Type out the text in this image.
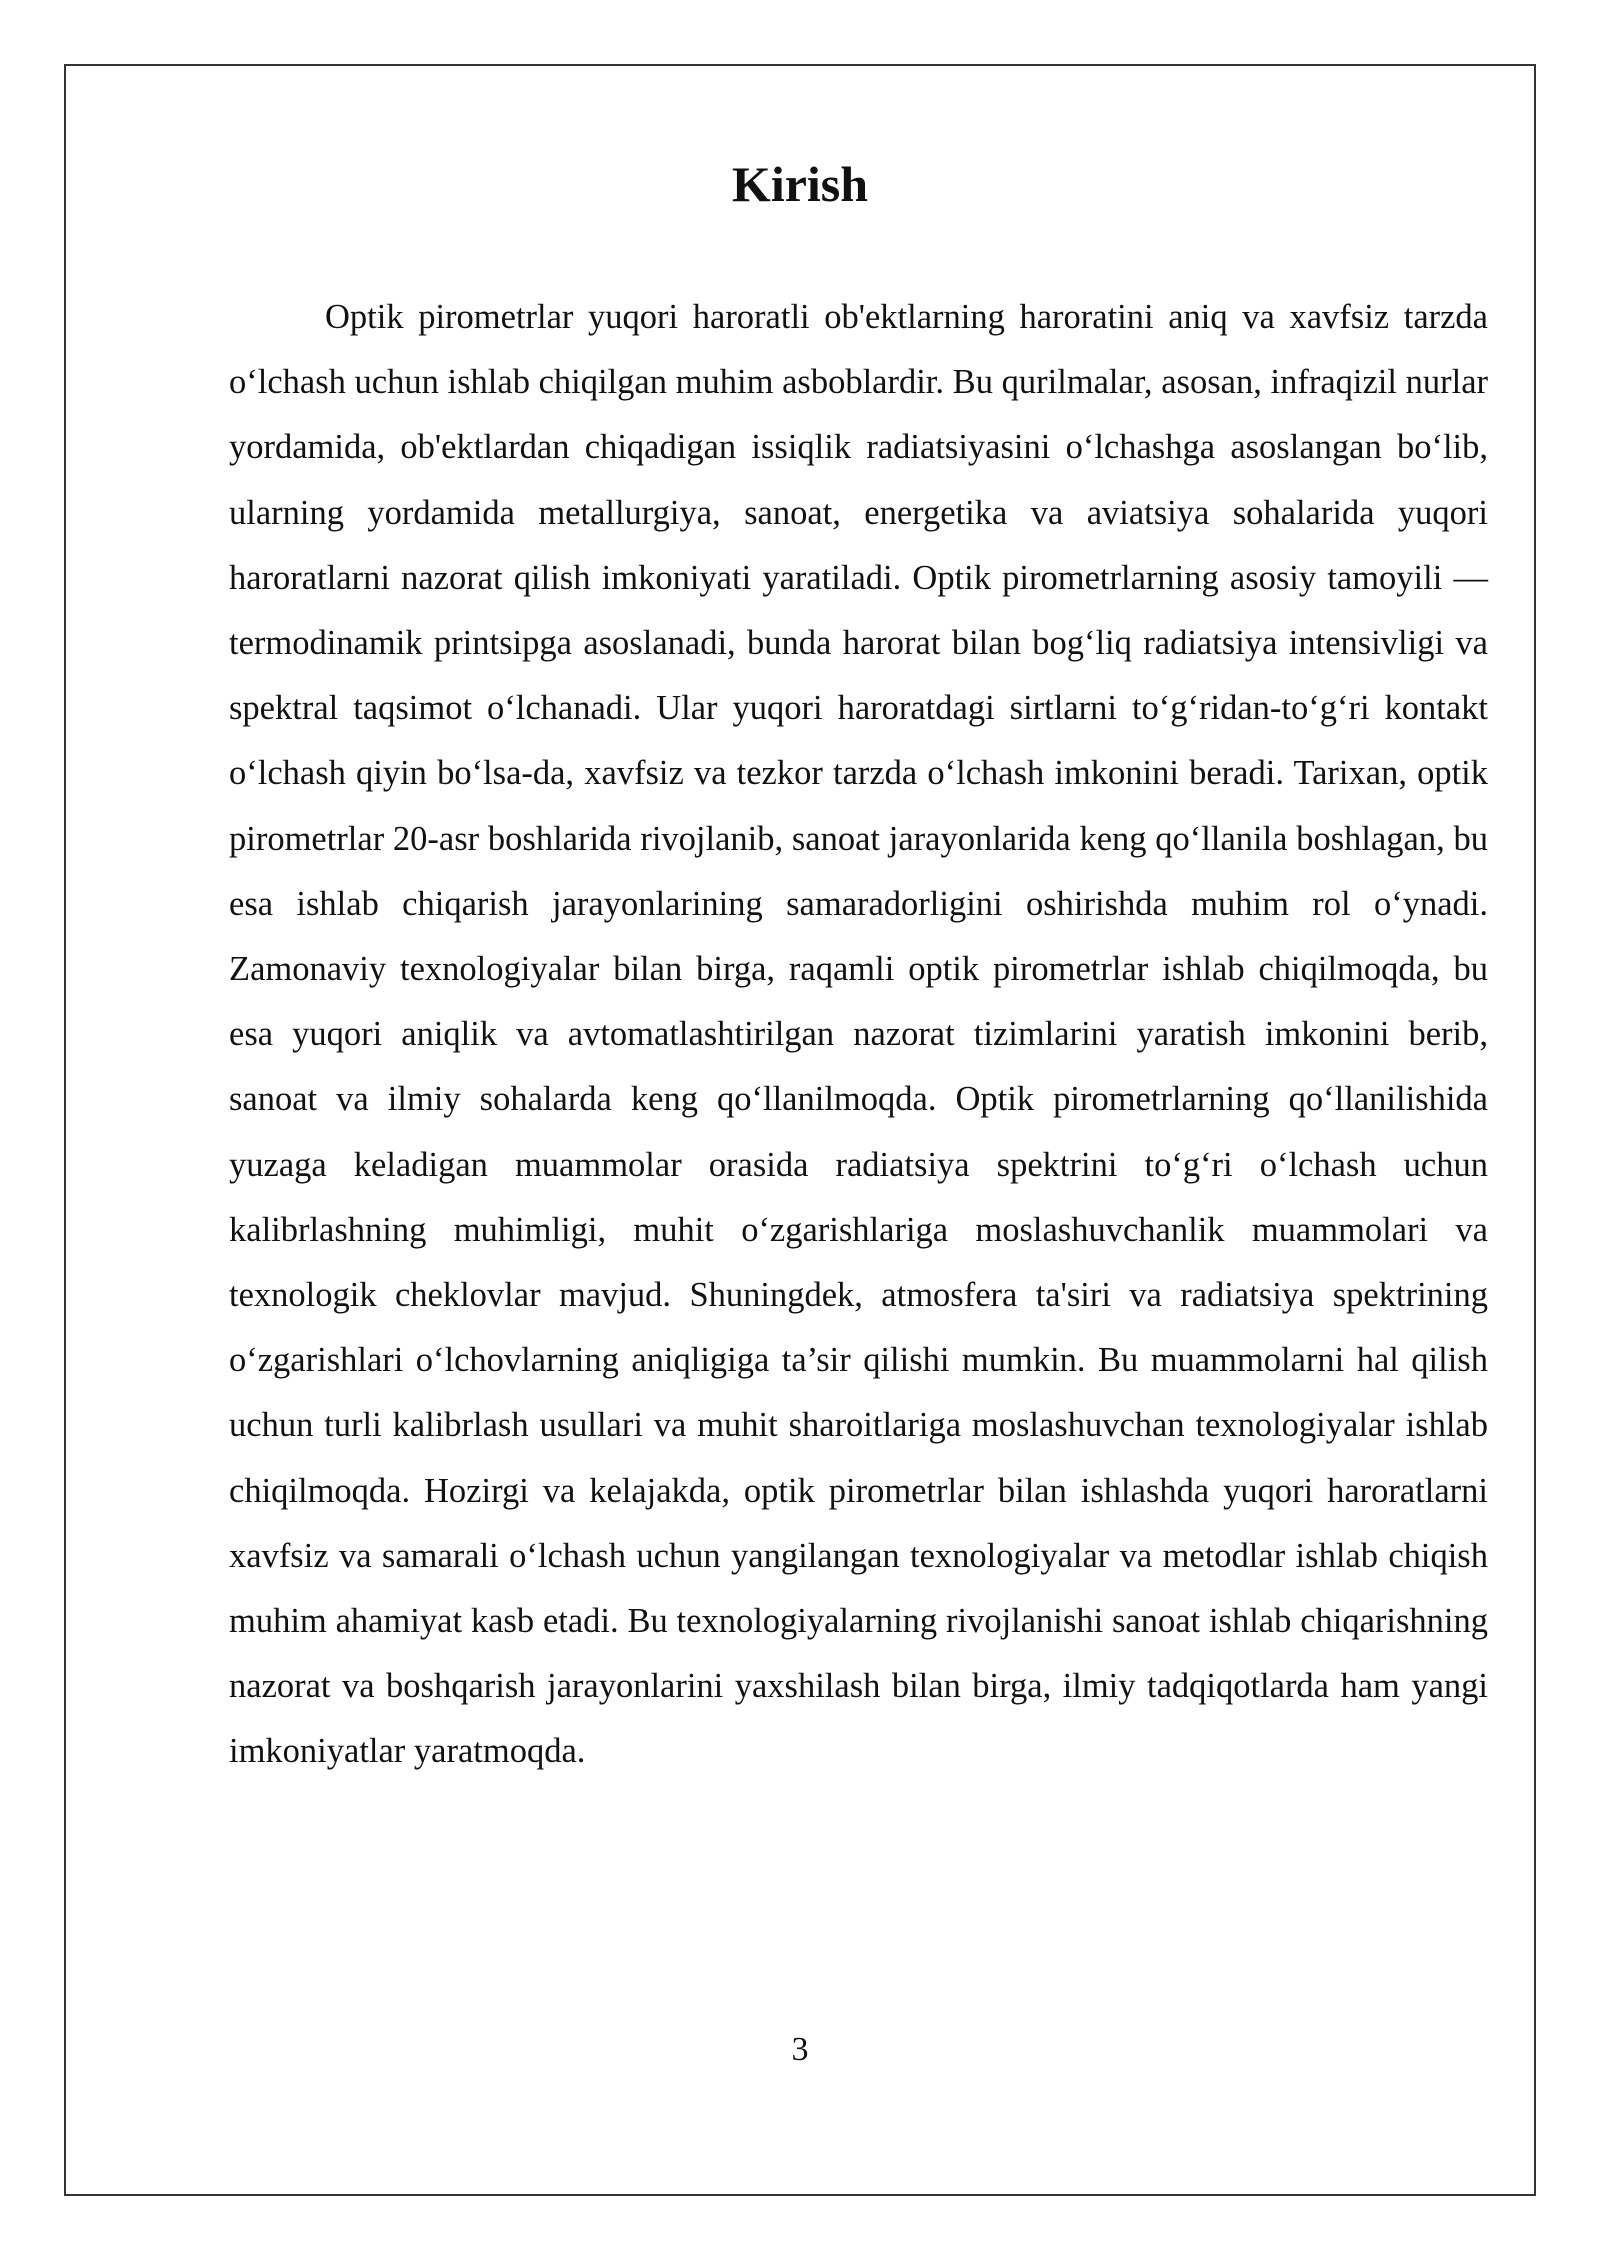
Kirish

Optik pirometrlar yuqori haroratli ob'ektlarning haroratini aniq va xavfsiz tarzda o‘lchash uchun ishlab chiqilgan muhim asboblardir. Bu qurilmalar, asosan, infraqizil nurlar yordamida, ob'ektlardan chiqadigan issiqlik radiatsiyasini o‘lchashga asoslangan bo‘lib, ularning yordamida metallurgiya, sanoat, energetika va aviatsiya sohalarida yuqori haroratlarni nazorat qilish imkoniyati yaratiladi. Optik pirometrlarning asosiy tamoyili — termodinamik printsipga asoslanadi, bunda harorat bilan bog‘liq radiatsiya intensivligi va spektral taqsimot o‘lchanadi. Ular yuqori haroratdagi sirtlarni to‘g‘ridan-to‘g‘ri kontakt o‘lchash qiyin bo‘lsa-da, xavfsiz va tezkor tarzda o‘lchash imkonini beradi. Tarixan, optik pirometrlar 20-asr boshlarida rivojlanib, sanoat jarayonlarida keng qo‘llanila boshlagan, bu esa ishlab chiqarish jarayonlarining samaradorligini oshirishda muhim rol o‘ynadi. Zamonaviy texnologiyalar bilan birga, raqamli optik pirometrlar ishlab chiqilmoqda, bu esa yuqori aniqlik va avtomatlashtirilgan nazorat tizimlarini yaratish imkonini berib, sanoat va ilmiy sohalarda keng qo‘llanilmoqda. Optik pirometrlarning qo‘llanilishida yuzaga keladigan muammolar orasida radiatsiya spektrini to‘g‘ri o‘lchash uchun kalibrlashning muhimligi, muhit o‘zgarishlariga moslashuvchanlik muammolari va texnologik cheklovlar mavjud. Shuningdek, atmosfera ta'siri va radiatsiya spektrining o‘zgarishlari o‘lchovlarning aniqligiga ta’sir qilishi mumkin. Bu muammolarni hal qilish uchun turli kalibrlash usullari va muhit sharoitlariga moslashuvchan texnologiyalar ishlab chiqilmoqda. Hozirgi va kelajakda, optik pirometrlar bilan ishlashda yuqori haroratlarni xavfsiz va samarali o‘lchash uchun yangilangan texnologiyalar va metodlar ishlab chiqish muhim ahamiyat kasb etadi. Bu texnologiyalarning rivojlanishi sanoat ishlab chiqarishning nazorat va boshqarish jarayonlarini yaxshilash bilan birga, ilmiy tadqiqotlarda ham yangi imkoniyatlar yaratmoqda.

3
